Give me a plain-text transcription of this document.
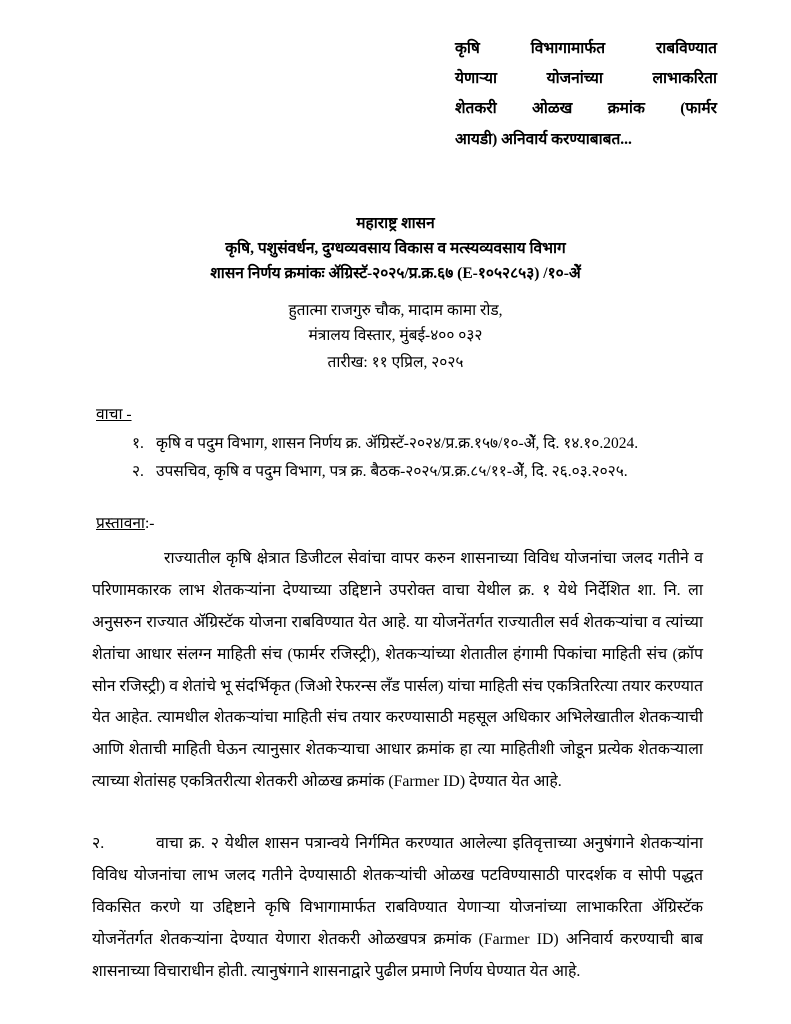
कृषि विभागामार्फत राबविण्यात
येणाऱ्या योजनांच्या लाभाकरिता
शेतकरी ओळख क्रमांक (फार्मर
आयडी) अनिवार्य करण्याबाबत...
महाराष्ट्र शासन
कृषि, पशुसंवर्धन, दुग्धव्यवसाय विकास व मत्स्यव्यवसाय विभाग
शासन निर्णय क्रमांकः ॲग्रिस्टॅ-२०२५/प्र.क्र.६७ (E-१०५२८५३) /१०-ॲे
हुतात्मा राजगुरु चौक, मादाम कामा रोड,
मंत्रालय विस्तार, मुंबई-४०० ०३२
तारीख: ११ एप्रिल, २०२५
वाचा -
१. कृषि व पदुम विभाग, शासन निर्णय क्र. ॲग्रिस्टॅ-२०२४/प्र.क्र.१५७/१०-ॲे, दि. १४.१०.2024.
२. उपसचिव, कृषि व पदुम विभाग, पत्र क्र. बैठक-२०२५/प्र.क्र.८५/११-ॲे, दि. २६.०३.२०२५.
प्रस्तावना:-

राज्यातील कृषि क्षेत्रात डिजीटल सेवांचा वापर करुन शासनाच्या विविध योजनांचा जलद गतीने व परिणामकारक लाभ शेतकऱ्यांना देण्याच्या उद्दिष्टाने उपरोक्त वाचा येथील क्र. १ येथे निर्देशित शा. नि. ला अनुसरुन राज्यात ॲग्रिस्टॅक योजना राबविण्यात येत आहे. या योजनेंतर्गत राज्यातील सर्व शेतकऱ्यांचा व त्यांच्या शेतांचा आधार संलग्न माहिती संच (फार्मर रजिस्ट्री), शेतकऱ्यांच्या शेतातील हंगामी पिकांचा माहिती संच (क्रॉप सोन रजिस्ट्री) व शेतांचे भू संदर्भिकृत (जिओ रेफरन्स लँड पार्सल) यांचा माहिती संच एकत्रितरित्या तयार करण्यात येत आहेत. त्यामधील शेतकऱ्यांचा माहिती संच तयार करण्यासाठी महसूल अधिकार अभिलेखातील शेतकऱ्याची आणि शेताची माहिती घेऊन त्यानुसार शेतकऱ्याचा आधार क्रमांक हा त्या माहितीशी जोडून प्रत्येक शेतकऱ्याला त्याच्या शेतांसह एकत्रितरीत्या शेतकरी ओळख क्रमांक (Farmer ID) देण्यात येत आहे.

२.	वाचा क्र. २ येथील शासन पत्रान्वये निर्गमित करण्यात आलेल्या इतिवृत्ताच्या अनुषंगाने शेतकऱ्यांना विविध योजनांचा लाभ जलद गतीने देण्यासाठी शेतकऱ्यांची ओळख पटविण्यासाठी पारदर्शक व सोपी पद्धत विकसित करणे या उद्दिष्टाने कृषि विभागामार्फत राबविण्यात येणाऱ्या योजनांच्या लाभाकरिता ॲग्रिस्टॅक योजनेंतर्गत शेतकऱ्यांना देण्यात येणारा शेतकरी ओळखपत्र क्रमांक (Farmer ID) अनिवार्य करण्याची बाब शासनाच्या विचाराधीन होती. त्यानुषंगाने शासनाद्वारे पुढील प्रमाणे निर्णय घेण्यात येत आहे.
